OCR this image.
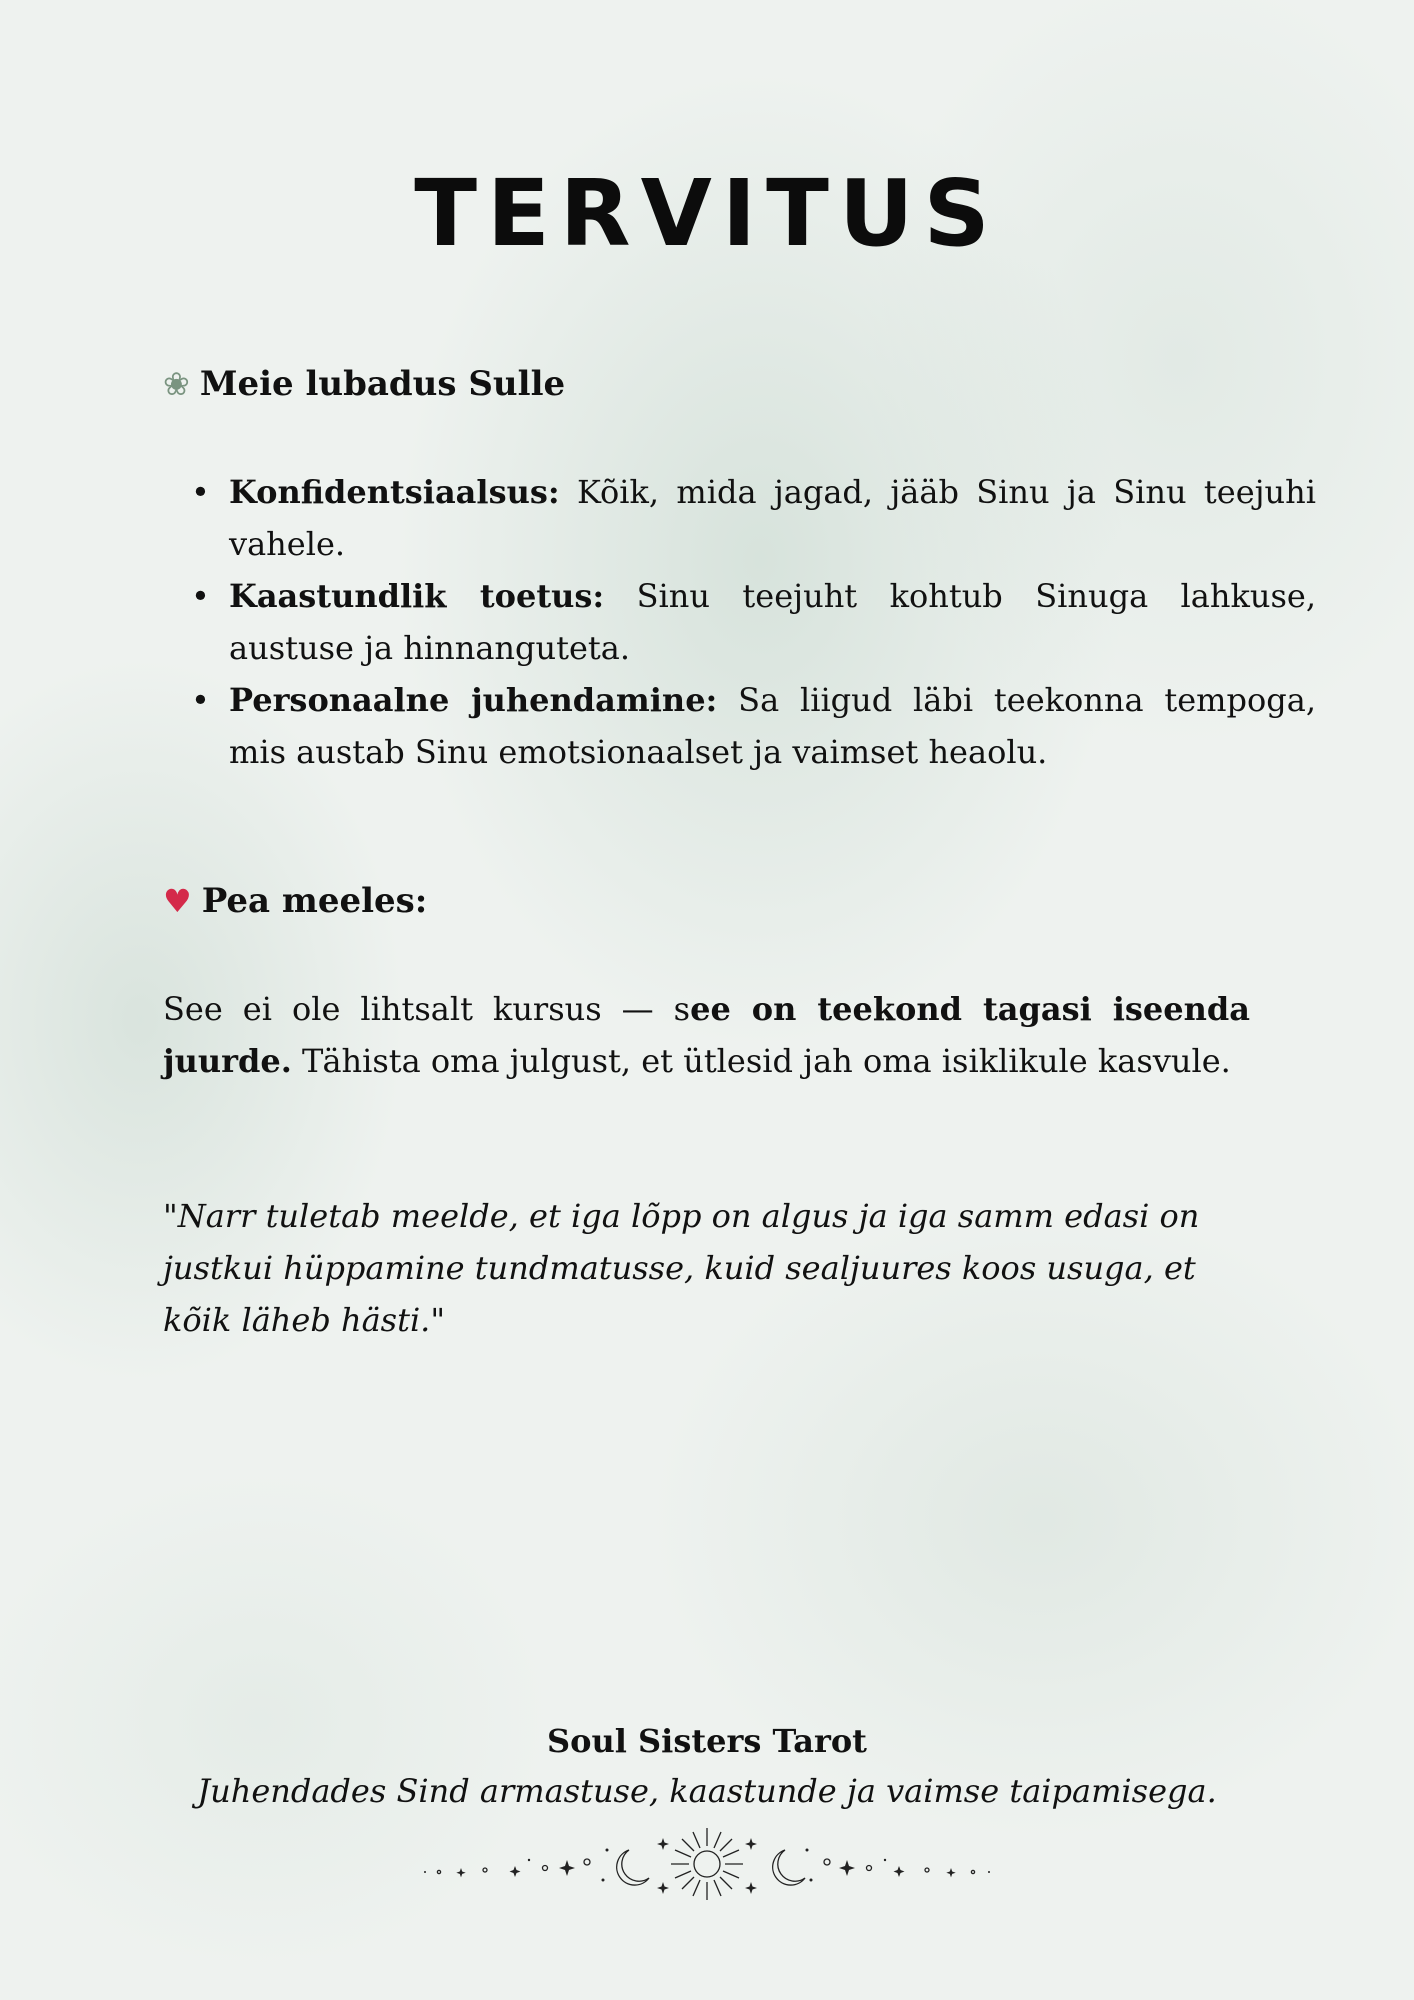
TERVITUS
❀ Meie lubadus Sulle
• Konfidentsiaalsus: Kõik, mida jagad, jääb Sinu ja Sinu teejuhi vahele.
• Kaastundlik toetus: Sinu teejuht kohtub Sinuga lahkuse, austuse ja hinnanguteta.
• Personaalne juhendamine: Sa liigud läbi teekonna tempoga, mis austab Sinu emotsionaalset ja vaimset heaolu.
♥ Pea meeles:

See ei ole lihtsalt kursus — see on teekond tagasi iseenda juurde. Tähista oma julgust, et ütlesid jah oma isiklikule kasvule.

"Narr tuletab meelde, et iga lõpp on algus ja iga samm edasi on justkui hüppamine tundmatusse, kuid sealjuures koos usuga, et kõik läheb hästi."

Soul Sisters Tarot

Juhendades Sind armastuse, kaastunde ja vaimse taipamisega.
